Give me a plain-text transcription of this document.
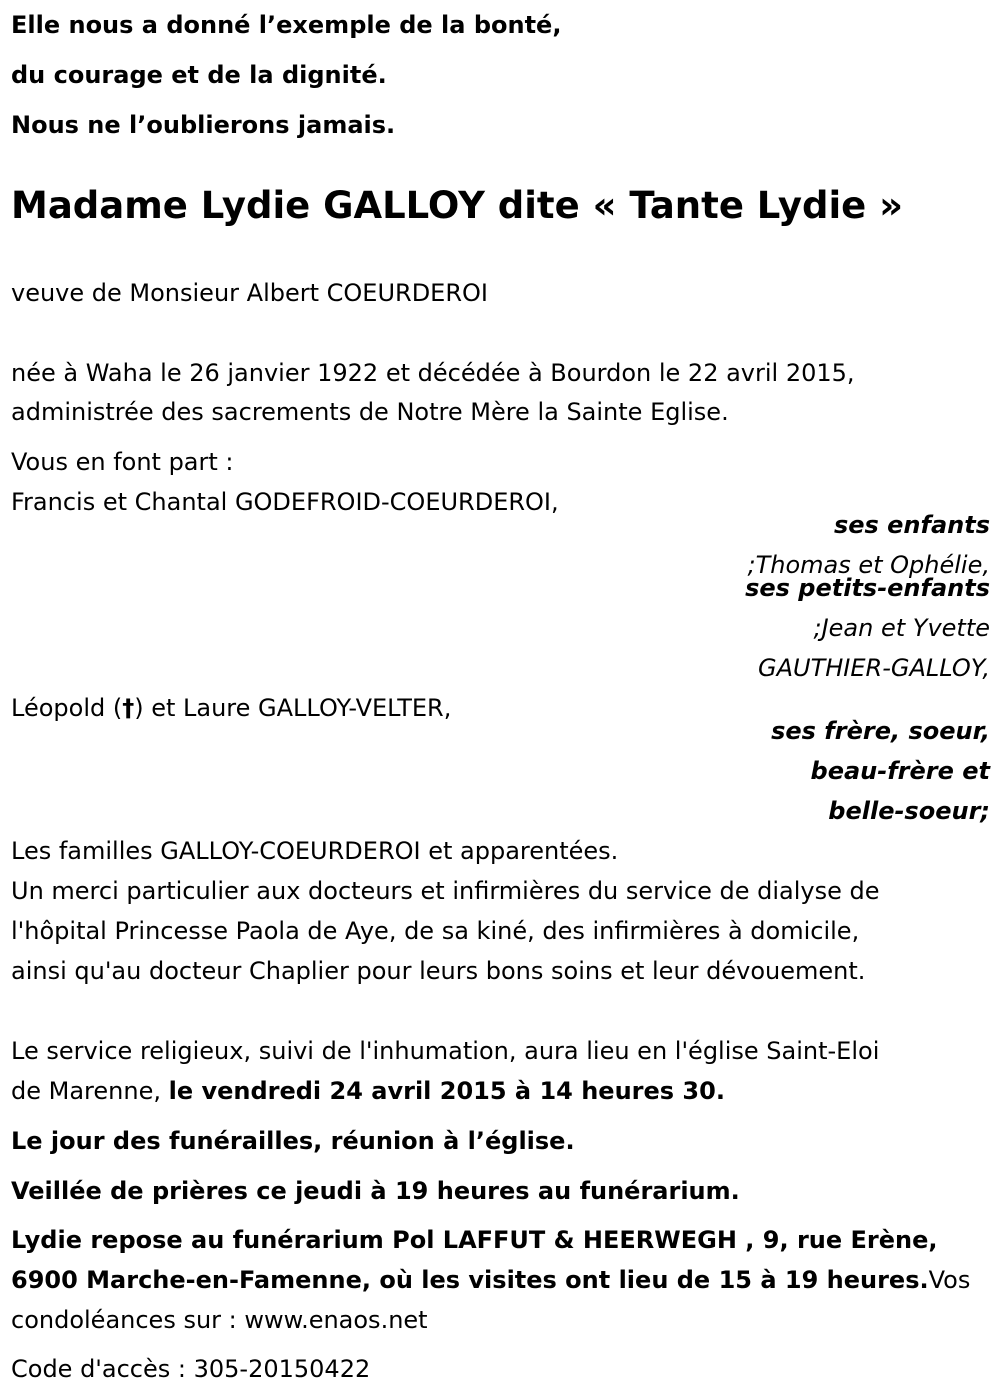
Elle nous a donné l’exemple de la bonté,
du courage et de la dignité.
Nous ne l’oublierons jamais.
Madame Lydie GALLOY dite « Tante Lydie »
veuve de Monsieur Albert COEURDEROI
née à Waha le 26 janvier 1922 et décédée à Bourdon le 22 avril 2015,
administrée des sacrements de Notre Mère la Sainte Eglise.
Vous en font part :
Francis et Chantal GODEFROID-COEURDEROI,
ses enfants
;Thomas et Ophélie,
ses petits-enfants
;Jean et Yvette
GAUTHIER-GALLOY,
Léopold (†) et Laure GALLOY-VELTER,
ses frère, soeur,
beau-frère et
belle-soeur;
Les familles GALLOY-COEURDEROI et apparentées.
Un merci particulier aux docteurs et infirmières du service de dialyse de
l'hôpital Princesse Paola de Aye, de sa kiné, des infirmières à domicile,
ainsi qu'au docteur Chaplier pour leurs bons soins et leur dévouement.
Le service religieux, suivi de l'inhumation, aura lieu en l'église Saint-Eloi
de Marenne, le vendredi 24 avril 2015 à 14 heures 30.
Le jour des funérailles, réunion à l’église.
Veillée de prières ce jeudi à 19 heures au funérarium.
Lydie repose au funérarium Pol LAFFUT & HEERWEGH , 9, rue Erène,
6900 Marche-en-Famenne, où les visites ont lieu de 15 à 19 heures.Vos
condoléances sur : www.enaos.net
Code d'accès : 305-20150422
